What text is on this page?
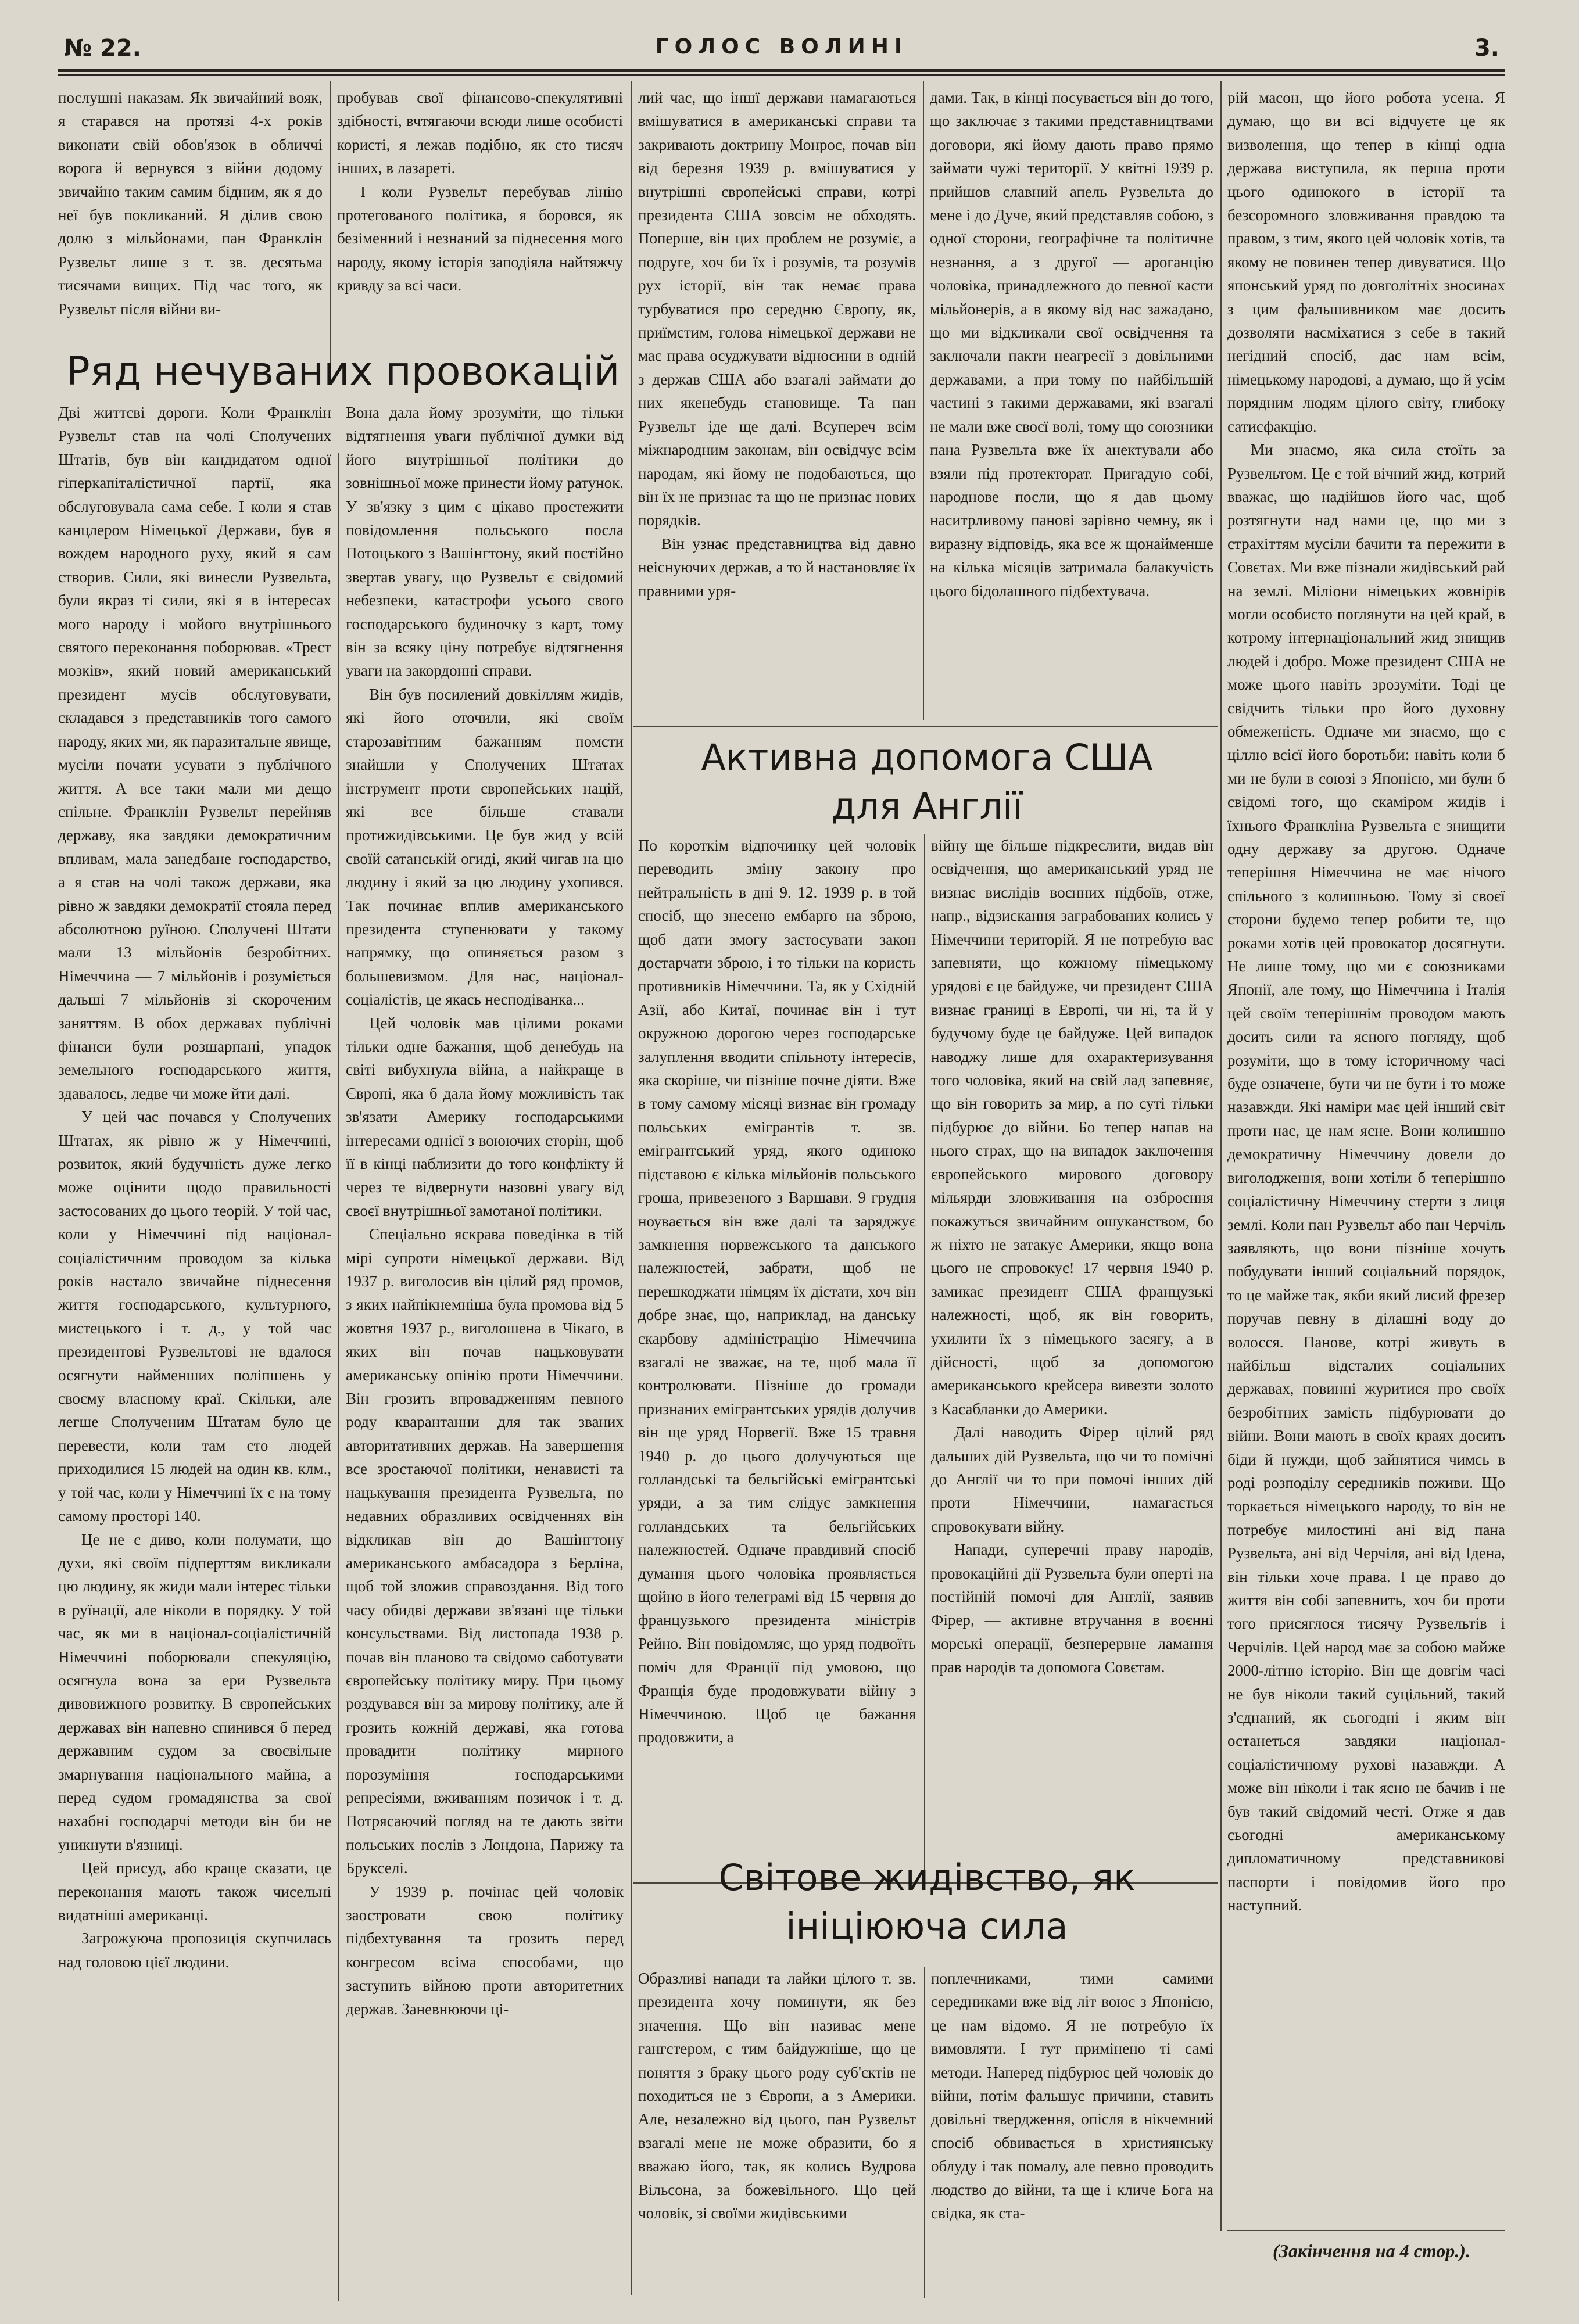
№ 22.	ГОЛОС ВОЛИНІ	3.

послушні наказам. Як звичайний вояк, я старався на протязі 4-х років виконати свій обов'язок в обличчі ворога й вернувся з війни додому звичайно таким самим бідним, як я до неї був покликаний. Я ділив свою долю з мільйонами, пан Франклін Рузвельт лише з т. зв. десятьма тисячами вищих. Під час того, як Рузвельт після війни ви-

пробував свої фінансово-спекулятивні здібності, вчтягаючи всюди лише особисті користі, я лежав подібно, як сто тисяч інших, в лазареті.

І коли Рузвельт перебував лінію протегованого політика, я боровся, як безіменний і незнаний за піднесення мого народу, якому історія заподіяла найтяжчу кривду за всі часи.

Ряд нечуваних провокацій

Дві життєві дороги. Коли Франклін Рузвельт став на чолі Сполучених Штатів, був він кандидатом одної гіперкапіталістичної партії, яка обслуговувала сама себе. І коли я став канцлером Німецької Держави, був я вождем народного руху, який я сам створив. Сили, які винесли Рузвельта, були якраз ті сили, які я в інтересах мого народу і мойого внутрішнього святого переконання поборював. «Трест мозків», який новий американський президент мусів обслуговувати, складався з представників того самого народу, яких ми, як паразитальне явище, мусіли почати усувати з публічного життя. А все таки мали ми дещо спільне. Франклін Рузвельт перейняв державу, яка завдяки демократичним впливам, мала занедбане господарство, а я став на чолі також держави, яка рівно ж завдяки демократії стояла перед абсолютною руїною. Сполучені Штати мали 13 мільйонів безробітних. Німеччина — 7 мільйонів і розуміється дальші 7 мільйонів зі скороченим заняттям. В обох державах публічні фінанси були розшарпані, упадок земельного господарського життя, здавалось, ледве чи може йти далі.

У цей час почався у Сполучених Штатах, як рівно ж у Німеччині, розвиток, який будучність дуже легко може оцінити щодо правильності застосованих до цього теорій. У той час, коли у Німеччині під націонал-соціалістичним проводом за кілька років настало звичайне піднесення життя господарського, культурного, мистецького і т. д., у той час президентові Рузвельтові не вдалося осягнути найменших поліпшень у своєму власному краї. Скільки, але легше Сполученим Штатам було це перевести, коли там сто людей приходилися 15 людей на один кв. клм., у той час, коли у Німеччині їх є на тому самому просторі 140.

Це не є диво, коли полумати, що духи, які своїм підперттям викликали цю людину, як жиди мали інтерес тільки в руїнації, але ніколи в порядку. У той час, як ми в націонал-соціалістичній Німеччині поборювали спекуляцію, осягнула вона за ери Рузвельта дивовижного розвитку. В європейських державах він напевно спинився б перед державним судом за своєвільне змарнування національного майна, а перед судом громадянства за свої нахабні господарчі методи він би не уникнути в'язниці.

Цей присуд, або краще сказати, це переконання мають також чисельні видатніші американці.

Загрожуюча пропозиція скупчилась над головою цієї людини.

Вона дала йому зрозуміти, що тільки відтягнення уваги публічної думки від його внутрішньої політики до зовнішньої може принести йому ратунок. У зв'язку з цим є цікаво простежити повідомлення польського посла Потоцького з Вашінгтону, який постійно звертав увагу, що Рузвельт є свідомий небезпеки, катастрофи усього свого господарського будиночку з карт, тому він за всяку ціну потребує відтягнення уваги на закордонні справи.

Він був посилений довкіллям жидів, які його оточили, які своїм старозавітним бажанням помсти знайшли у Сполучених Штатах інструмент проти європейських націй, які все більше ставали протижидівськими. Це був жид у всій своїй сатанській огиді, який чигав на цю людину і який за цю людину ухопився. Так починає вплив американського президента ступенювати у такому напрямку, що опиняється разом з большевизмом. Для нас, націонал-соціалістів, це якась несподіванка...

Цей чоловік мав цілими роками тільки одне бажання, щоб денебудь на світі вибухнула війна, а найкраще в Європі, яка б дала йому можливість так зв'язати Америку господарськими інтересами однієї з воюючих сторін, щоб її в кінці наблизити до того конфлікту й через те відвернути назовні увагу від своєї внутрішньої замотаної політики.

Спеціально яскрава поведінка в тій мірі супроти німецької держави. Від 1937 р. виголосив він цілий ряд промов, з яких найпікнемніша була промова від 5 жовтня 1937 р., виголошена в Чікаго, в яких він почав нацьковувати американську опінію проти Німеччини. Він грозить впровадженням певного роду кварантанни для так званих авторитативних держав. На завершення все зростаючої політики, ненависті та нацькування президента Рузвельта, по недавних образливих освідченнях він відкликав він до Вашінгтону американського амбасадора з Берліна, щоб той зложив справоздання. Від того часу обидві держави зв'язані ще тільки консульствами. Від листопада 1938 р. почав він планово та свідомо саботувати європейську політику миру. При цьому роздувався він за мирову політику, але й грозить кожній державі, яка готова провадити політику мирного порозуміння господарськими репресіями, вживанням позичок і т. д. Потрясаючий погляд на те дають звіти польських послів з Лондона, Парижу та Брукселі.

У 1939 р. почінає цей чоловік заостровати свою політику підбехтування та грозить перед конгресом всіма способами, що заступить війною проти авторитетних держав. Заневнюючи ці-

лий час, що іншї держави намагаються вмішуватися в американські справи та закривають доктрину Монроє, почав він від березня 1939 р. вмішуватися у внутрішні європейські справи, котрі президента США зовсім не обходять. Попершe, він цих проблем не розуміє, а подруге, хоч би їх і розумів, та розумів рух історії, він так немає права турбуватися про середню Європу, як, приїмстим, голова німецької держави не має права осуджувати відносини в одній з держав США або взагалі займати до них якенебудь становище. Та пан Рузвельт іде ще далі. Всупереч всім міжнародним законам, він освідчує всім народам, які йому не подобаються, що він їх не признає та що не признає нових порядків.

Він узнає представництва від давно неіснуючих держав, а то й настановляє їх правними уря-

дами. Так, в кінці посувається він до того, що заключає з такими представництвами договори, які йому дають право прямо займати чужі території. У квітні 1939 р. прийшов славний апель Рузвельта до мене і до Дуче, який представляв собою, з одної сторони, географічне та політичне незнання, а з другої — ароганцію чоловіка, принадлежного до певної касти мільйонерів, а в якому від нас зажадано, що ми відкликали свої освідчення та заключали пакти неагресії з довільними державами, а при тому по найбільшій частині з такими державами, які взагалі не мали вже своєї волі, тому що союзники пана Рузвельта вже їх анектували або взяли під протекторат. Пригадую собі, народнове посли, що я дав цьому наситрливому панові зарівно чемну, як і виразну відповідь, яка все ж щонайменше на кілька місяців затримала балакучість цього бідолашного підбехтувача.

рій масон, що його робота усена. Я думаю, що ви всі відчуєте це як визволення, що тепер в кінці одна держава виступила, як перша проти цього одинокого в історії та безсоромного зловживання правдою та правом, з тим, якого цей чоловік хотів, та якому не повинен тепер дивуватися. Що японський уряд по довголітніх зносинах з цим фальшивником має досить дозволяти насміхатися з себе в такий негідний спосіб, дає нам всім, німецькому народові, а думаю, що й усім порядним людям цілого світу, глибоку сатисфакцію.

Ми знаємо, яка сила стоїть за Рузвельтом. Це є той вічний жид, котрий вважає, що надійшов його час, щоб розтягнути над нами це, що ми з страхіттям мусіли бачити та пережити в Совєтах. Ми вже пізнали жидівський рай на землі. Міліони німецьких жовнірів могли особисто поглянути на цей край, в котрому інтернаціональний жид знищив людей і добро. Може президент США не може цього навіть зрозуміти. Тоді це свідчить тільки про його духовну обмеженість. Одначе ми знаємо, що є ціллю всієї його боротьби: навіть коли б ми не були в союзі з Японією, ми були б свідомі того, що скаміром жидів і їхнього Франкліна Рузвельта є знищити одну державу за другою. Одначе теперішня Німеччина не має нічого спільного з колишньою. Тому зі своєї сторони будемо тепер робити те, що роками хотів цей провокатор досягнути. Не лише тому, що ми є союзниками Японії, але тому, що Німеччина і Італія цей своїм теперішнім проводом мають досить сили та ясного погляду, щоб розуміти, що в тому історичному часі буде означене, бути чи не бути і то може назавжди. Які наміри має цей інший світ проти нас, це нам ясне. Вони колишню демократичну Німеччину довели до виголодження, вони хотіли б теперішню соціалістичну Німеччину стерти з лиця землі. Коли пан Рузвельт або пан Черчіль заявляють, що вони пізніше хочуть побудувати інший соціальний порядок, то це майже так, якби який лисий фрезер поручав певну в ділашні воду до волосся. Панове, котрі живуть в найбільш відсталих соціальних державах, повинні журитися про своїх безробітних замість підбурювати до війни. Вони мають в своїх краях досить біди й нужди, щоб зайнятися чимсь в роді розподілу середників поживи. Що торкається німецького народу, то він не потребує милостині ані від пана Рузвельта, ані від Черчіля, ані від Ідена, він тільки хоче права. І це право до життя він собі запевнить, хоч би проти того присяглося тисячу Рузвельтів і Черчілів. Цей народ має за собою майже 2000-літню історію. Він ще довгім часі не був ніколи такий суцільний, такий з'єднаний, як сьогодні і яким він останеться завдяки націонал-соціалістичному руховi назавжди. А може він ніколи і так ясно не бачив і не був такий свідомий честі. Отже я дав сьогодні американському дипломатичному представникові паспорти і повідомив його про наступний.

Активна допомога США
для Англії

По короткім відпочинку цей чоловік переводить зміну закону про нейтральність в дні 9. 12. 1939 р. в той спосіб, що знесено ембарго на зброю, щоб дати змогу застосувати закон достарчати зброю, і то тільки на користь противників Німеччини. Та, як у Східній Азії, або Китаї, починає він і тут окружною дорогою через господарське залуплення вводити спільноту інтересів, яка скоріше, чи пізніше почне діяти. Вже в тому самому місяці визнає він громаду польських емігрантів т. зв. емігрантський уряд, якого одиноко підставою є кілька мільйонів польського гроша, привезеного з Варшави. 9 грудня ноувається він вже далі та заряджує замкнення норвежського та данського належностей, забрати, щоб не перешкоджати німцям їх дістати, хоч він добре знає, що, наприклад, на данську скарбову адміністрацію Німеччина взагалі не зважає, на те, щоб мала її контролювати. Пізніше до громади признаних емігрантських урядів долучив він ще уряд Норвегії. Вже 15 травня 1940 р. до цього долучуються ще голландські та бельгійські емігрантські уряди, а за тим слідує замкнення голландських та бельгійських належностей. Одначе правдивий спосіб думання цього чоловіка проявляється щойно в його телеграмі від 15 червня до французького президента міністрів Рейно. Він повідомляє, що уряд подвоїть поміч для Франції під умовою, що Франція буде продовжувати війну з Німеччиною. Щоб це бажання продовжити, а

війну ще більше підкреслити, видав він освідчення, що американський уряд не визнає вислідів воєнних підбоїв, отже, напр., відзискання заграбованих колись у Німеччини територій. Я не потребую вас запевняти, що кожному німецькому урядові є це байдуже, чи президент США визнає границі в Европі, чи ні, та й у будучому буде це байдуже. Цей випадок наводжу лише для охарактеризування того чоловіка, який на свій лад запевняє, що він говорить за мир, а по суті тільки підбурює до війни. Бо тепер напав на нього страх, що на випадок заключення європейського мирового договору мільярди зловживання на озброєння покажуться звичайним ошуканством, бо ж ніхто не затакує Америки, якщо вона цього не спровокує! 17 червня 1940 р. замикає президент США французькі належності, щоб, як він говорить, ухилити їх з німецького засягу, а в дійсності, щоб за допомогою американського крейсера вивезти золото з Касабланки до Америки.

Далі наводить Фірер цілий ряд дальших дій Рузвельта, що чи то помічні до Англії чи то при помочі інших дій проти Німеччини, намагається спровокувати війну.

Напади, суперечні праву народів, провокаційні дії Рузвельта були оперті на постійній помочі для Англії, заявив Фірер, — активне втручання в воєнні морські операції, безперервне ламання прав народів та допомога Совєтам.

Світове жидівство, як
ініціююча сила

Образливі напади та лайки цілого т. зв. президента хочу поминути, як без значення. Що він називає мене гангстером, є тим байдужніше, що це поняття з браку цього роду суб'єктів не походиться не з Європи, а з Америки. Але, незалежно від цього, пан Рузвельт взагалі мене не може образити, бо я вважаю його, так, як колись Вудрова Вільсона, за божевільного. Що цей чоловік, зі своїми жидівськими

поплечниками, тими самими середниками вже від літ воює з Японією, це нам відомо. Я не потребую їх вимовляти. І тут примінено ті самі методи. Наперед підбурює цей чоловік до війни, потім фальшує причини, ставить довільні твердження, опісля в нікчемний спосіб обвивається в християнську облуду і так помалу, але певно проводить людство до війни, та ще і кличе Бога на свідка, як ста-

(Закінчення на 4 стор.).
